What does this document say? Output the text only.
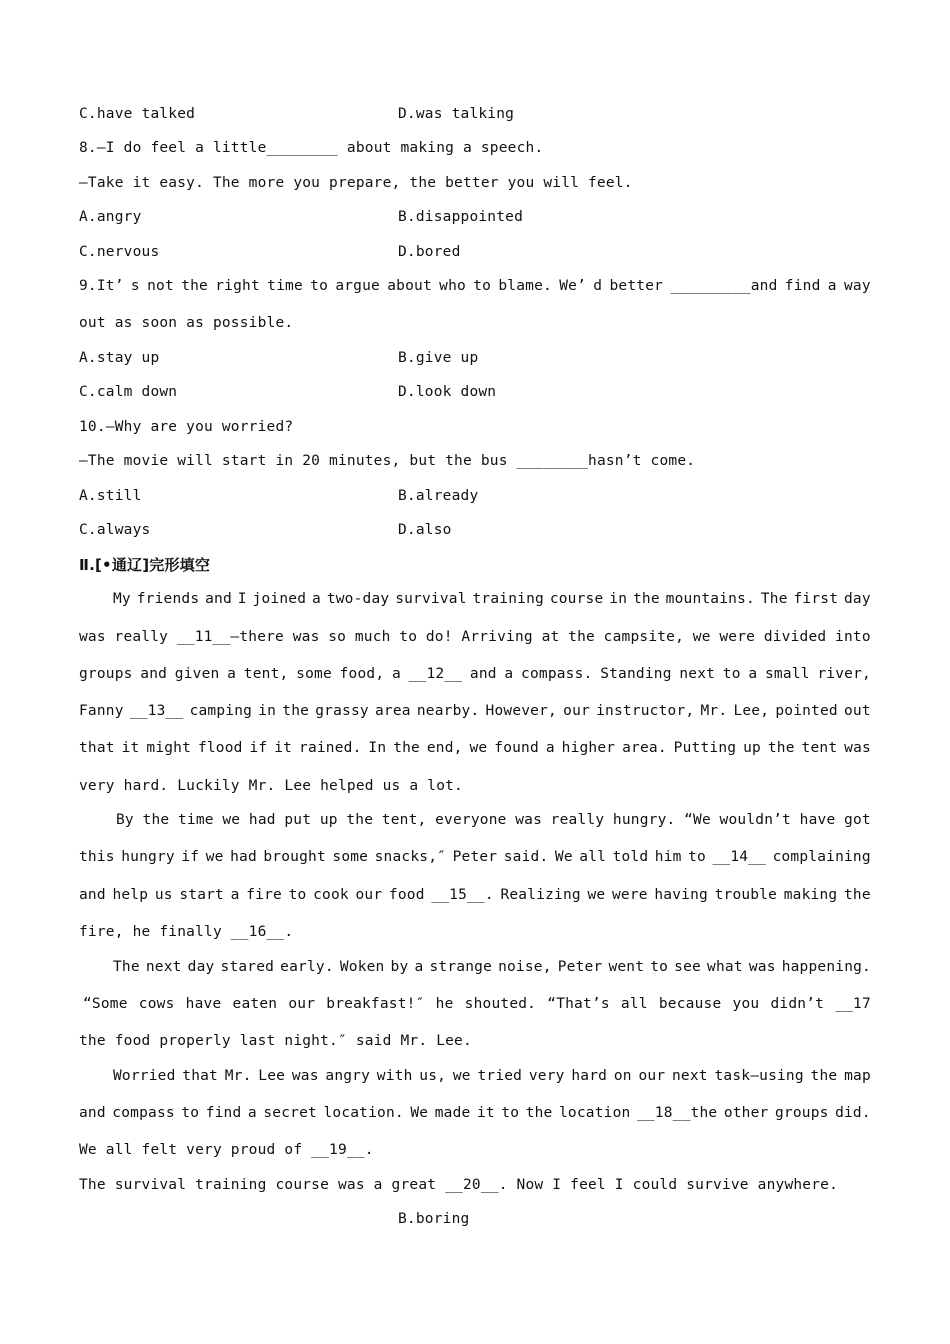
C.have talked	D.was talking
8.—I do feel a little________ about making a speech.
—Take it easy. The more you prepare, the better you will feel.
A.angry	B.disappointed
C.nervous	D.bored
9.It’ s not the right time to argue about who to blame. We’ d better _________and find a way
out as soon as possible.
A.stay up	B.give up
C.calm down	D.look down
10.—Why are you worried?
—The movie will start in 20 minutes, but the bus ________hasn’t come.
A.still	B.already
C.always	D.also
Ⅱ.[•通辽]完形填空
My friends and I joined a two-day survival training course in the mountains. The first day
was really __11__—there was so much to do! Arriving at the campsite, we were divided into
groups and given a tent, some food, a __12__ and a compass. Standing next to a small river,
Fanny __13__ camping in the grassy area nearby. However, our instructor, Mr. Lee, pointed out
that it might flood if it rained. In the end, we found a higher area. Putting up the tent was
very hard. Luckily Mr. Lee helped us a lot.
By the time we had put up the tent, everyone was really hungry. “We wouldn’t have got
this hungry if we had brought some snacks,″ Peter said. We all told him to __14__ complaining
and help us start a fire to cook our food __15__. Realizing we were having trouble making the
fire, he finally __16__.
The next day stared early. Woken by a strange noise, Peter went to see what was happening.
“Some cows have eaten our breakfast!″ he shouted. “That’s all because you didn’t __17
the food properly last night.″ said Mr. Lee.
Worried that Mr. Lee was angry with us, we tried very hard on our next task—using the map
and compass to find a secret location. We made it to the location __18__the other groups did.
We all felt very proud of __19__.
The survival training course was a great __20__. Now I feel I could survive anywhere.
B.boring
